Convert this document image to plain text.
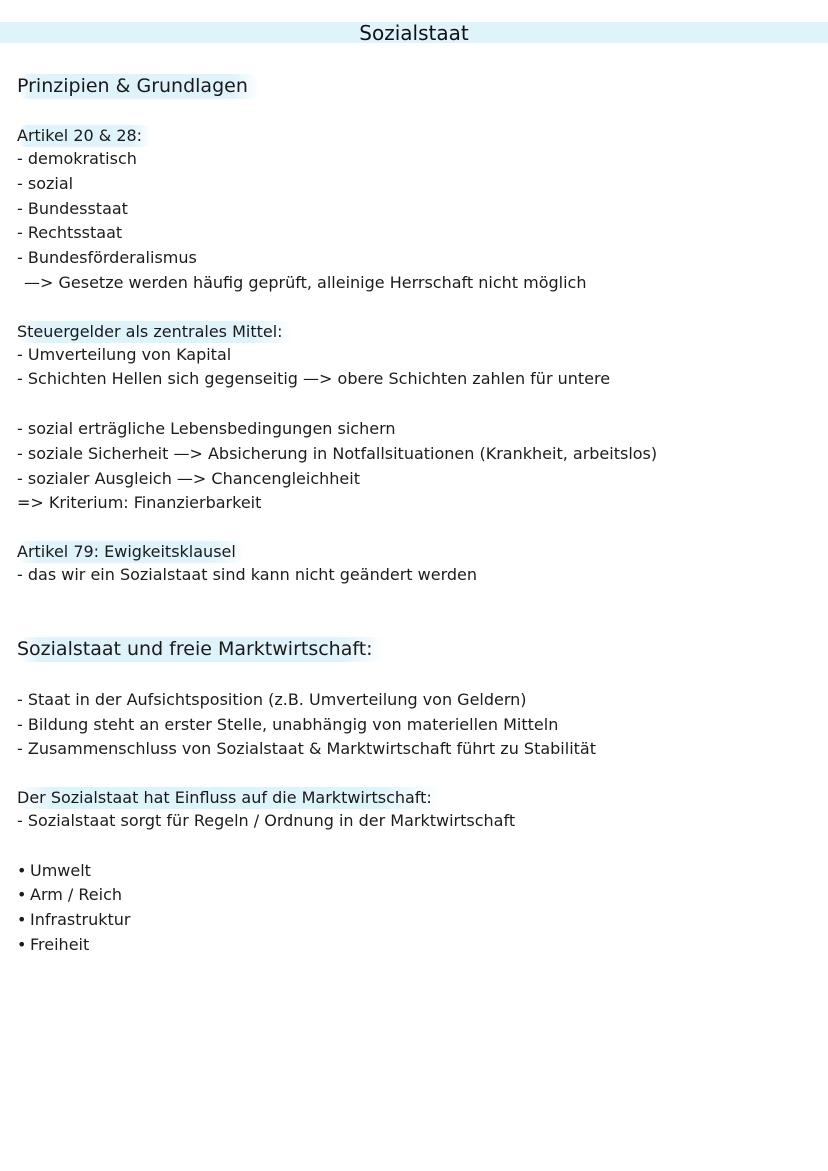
Sozialstaat
Prinzipien & Grundlagen
Artikel 20 & 28:

- demokratisch

- sozial

- Bundesstaat

- Rechtsstaat

- Bundesförderalismus

—> Gesetze werden häufig geprüft, alleinige Herrschaft nicht möglich

Steuergelder als zentrales Mittel:

- Umverteilung von Kapital

- Schichten Hellen sich gegenseitig —> obere Schichten zahlen für untere

- sozial erträgliche Lebensbedingungen sichern

- soziale Sicherheit —> Absicherung in Notfallsituationen (Krankheit, arbeitslos)

- sozialer Ausgleich —> Chancengleichheit

=> Kriterium: Finanzierbarkeit

Artikel 79: Ewigkeitsklausel

- das wir ein Sozialstaat sind kann nicht geändert werden

Sozialstaat und freie Marktwirtschaft:

- Staat in der Aufsichtsposition (z.B. Umverteilung von Geldern)

- Bildung steht an erster Stelle, unabhängig von materiellen Mitteln

- Zusammenschluss von Sozialstaat & Marktwirtschaft führt zu Stabilität

Der Sozialstaat hat Einfluss auf die Marktwirtschaft:

- Sozialstaat sorgt für Regeln / Ordnung in der Marktwirtschaft

• Umwelt
• Arm / Reich
• Infrastruktur
• Freiheit
